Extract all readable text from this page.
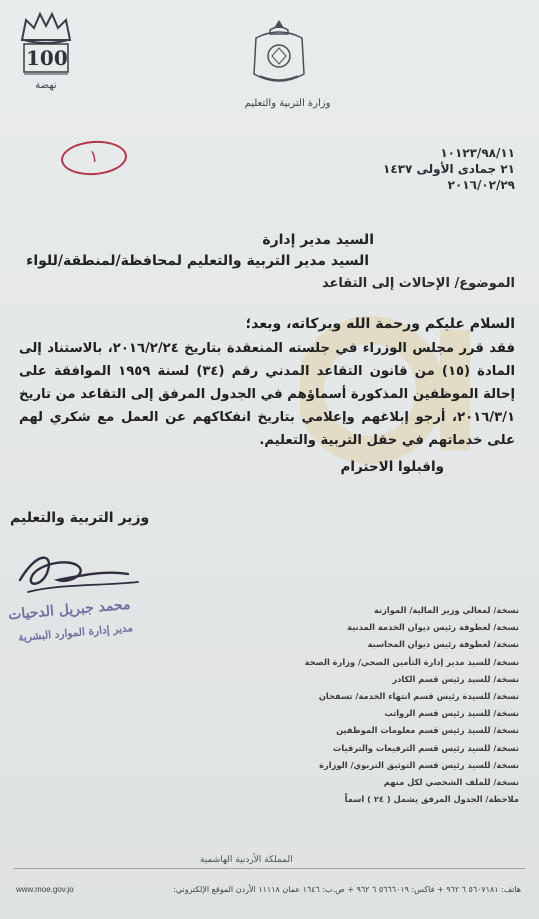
100
نهضة
وزارة التربية والتعليم
١	١٠١٢٣/٩٨/١١
٢١ جمادى الأولى ١٤٣٧
٢٠١٦/٠٢/٢٩
السيد مدير إدارة
السيد مدير التربية والتعليم لمحافظة/لمنطقة/للواء
الموضوع/ الإحالات إلى التقاعد
السلام عليكم ورحمة الله وبركاته، وبعد؛
فقد قرر مجلس الوزراء في جلسته المنعقدة بتاريخ ٢٠١٦/٢/٢٤، بالاستناد إلى المادة (١٥) من قانون التقاعد المدني رقم (٣٤) لسنة ١٩٥٩ الموافقة على إحالة الموظفين المذكورة أسماؤهم في الجدول المرفق إلى التقاعد من تاريخ ٢٠١٦/٣/١، أرجو إبلاغهم وإعلامي بتاريخ انفكاكهم عن العمل مع شكري لهم على خدماتهم في حقل التربية والتعليم.
واقبلوا الاحترام
وزير التربية والتعليم
محمد جبريل الدحيات
مدير إدارة الموارد البشرية
نسخة/ لمعالي وزير المالية/ الموازنة
نسخة/ لعطوفة رئيس ديوان الخدمة المدنية
نسخة/ لعطوفة رئيس ديوان المحاسبة
نسخة/ للسيد مدير إدارة التأمين الصحي/ وزارة الصحة
نسخة/ للسيد رئيس قسم الكادر
نسخة/ للسيدة رئيس قسم انتهاء الخدمة/ تسفحان
نسخة/ للسيد رئيس قسم الرواتب
نسخة/ للسيد رئيس قسم معلومات الموظفين
نسخة/ للسيد رئيس قسم الترفيعات والترقيات
نسخة/ للسيد رئيس قسم التوثيق التربوي/ الوزارة
نسخة/ للملف الشخصي لكل منهم
ملاحظة/ الجدول المرفق يشمل ( ٢٤ ) اسماً
المملكة الأردنية الهاشمية
هاتف: ٥٦٠٧١٨١ ٦ ٩٦٢ + فاكس: ٥٦٦٦٠١٩ ٦ ٩٦٢ + ص.ب: ١٦٤٦ عمان ١١١١٨ الأردن الموقع الإلكتروني:
www.moe.gov.jo
